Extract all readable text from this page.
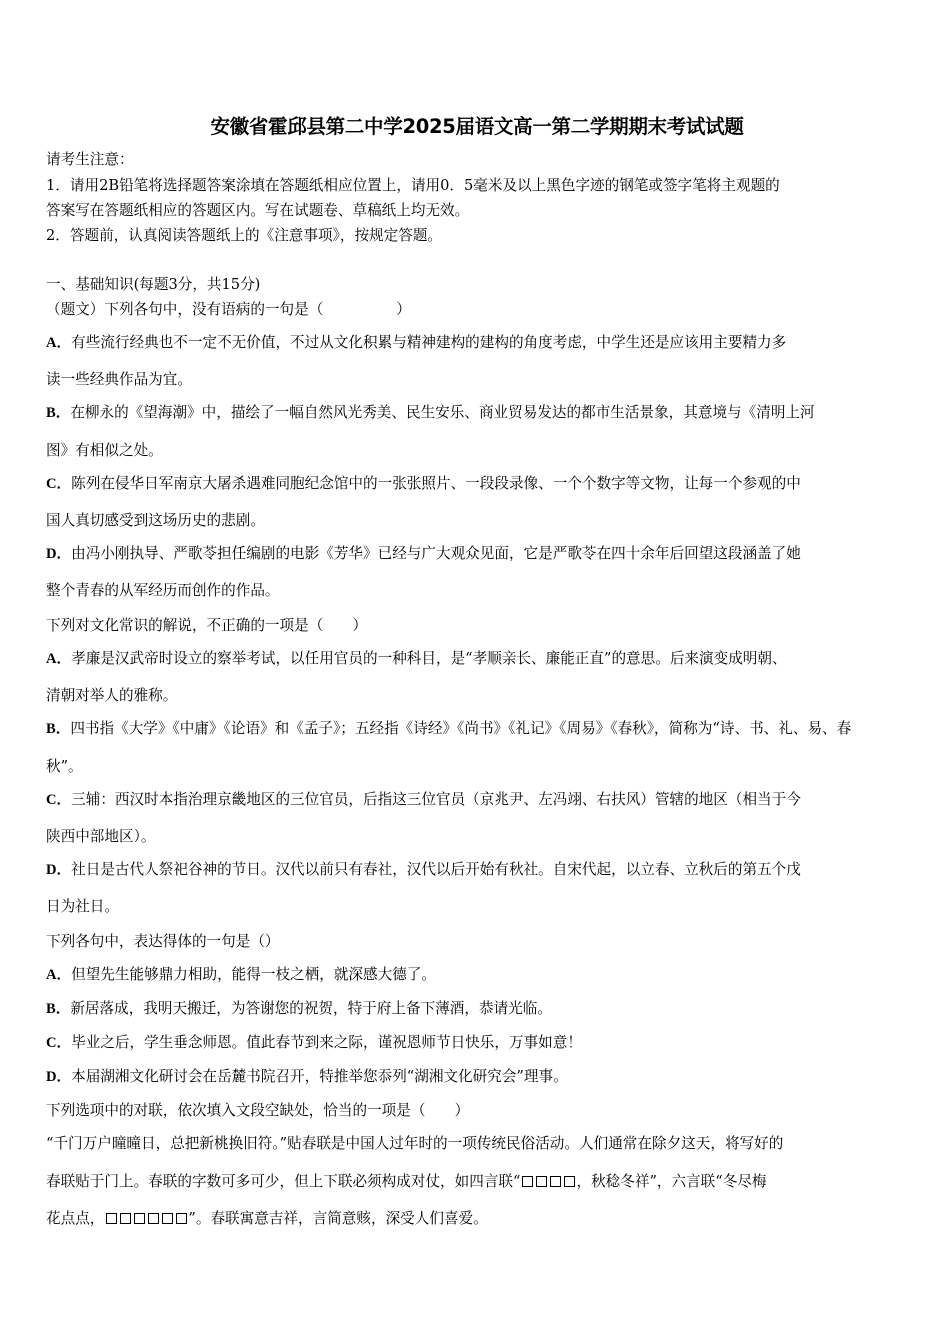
安徽省霍邱县第二中学2025届语文高一第二学期期末考试试题
请考生注意：
1．请用2B铅笔将选择题答案涂填在答题纸相应位置上，请用0．5毫米及以上黑色字迹的钢笔或签字笔将主观题的
答案写在答题纸相应的答题区内。写在试题卷、草稿纸上均无效。
2．答题前，认真阅读答题纸上的《注意事项》，按规定答题。
一、基础知识(每题3分，共15分)
（题文）下列各句中，没有语病的一句是（　　　　　）
A．有些流行经典也不一定不无价值，不过从文化积累与精神建构的建构的角度考虑，中学生还是应该用主要精力多
读一些经典作品为宜。
B．在柳永的《望海潮》中，描绘了一幅自然风光秀美、民生安乐、商业贸易发达的都市生活景象，其意境与《清明上河
图》有相似之处。
C．陈列在侵华日军南京大屠杀遇难同胞纪念馆中的一张张照片、一段段录像、一个个数字等文物，让每一个参观的中
国人真切感受到这场历史的悲剧。
D．由冯小刚执导、严歌苓担任编剧的电影《芳华》已经与广大观众见面，它是严歌苓在四十余年后回望这段涵盖了她
整个青春的从军经历而创作的作品。
下列对文化常识的解说，不正确的一项是（　　）
A．孝廉是汉武帝时设立的察举考试，以任用官员的一种科目，是“孝顺亲长、廉能正直”的意思。后来演变成明朝、
清朝对举人的雅称。
B．四书指《大学》《中庸》《论语》和《孟子》；五经指《诗经》《尚书》《礼记》《周易》《春秋》，简称为“诗、书、礼、易、春
秋”。
C．三辅：西汉时本指治理京畿地区的三位官员，后指这三位官员（京兆尹、左冯翊、右扶风）管辖的地区（相当于今
陕西中部地区）。
D．社日是古代人祭祀谷神的节日。汉代以前只有春社，汉代以后开始有秋社。自宋代起，以立春、立秋后的第五个戊
日为社日。
下列各句中，表达得体的一句是（）
A．但望先生能够鼎力相助，能得一枝之栖，就深感大德了。
B．新居落成，我明天搬迁，为答谢您的祝贺，特于府上备下薄酒，恭请光临。
C．毕业之后，学生垂念师恩。值此春节到来之际，谨祝恩师节日快乐，万事如意！
D．本届湖湘文化研讨会在岳麓书院召开，特推举您忝列“湖湘文化研究会”理事。
下列选项中的对联，依次填入文段空缺处，恰当的一项是（　　）
“千门万户曈曈日，总把新桃换旧符。”贴春联是中国人过年时的一项传统民俗活动。人们通常在除夕这天，将写好的
春联贴于门上。春联的字数可多可少，但上下联必须构成对仗，如四言联“	，秋稔冬祥”，六言联“冬尽梅
花点点，	”。春联寓意吉祥，言简意赅，深受人们喜爱。
